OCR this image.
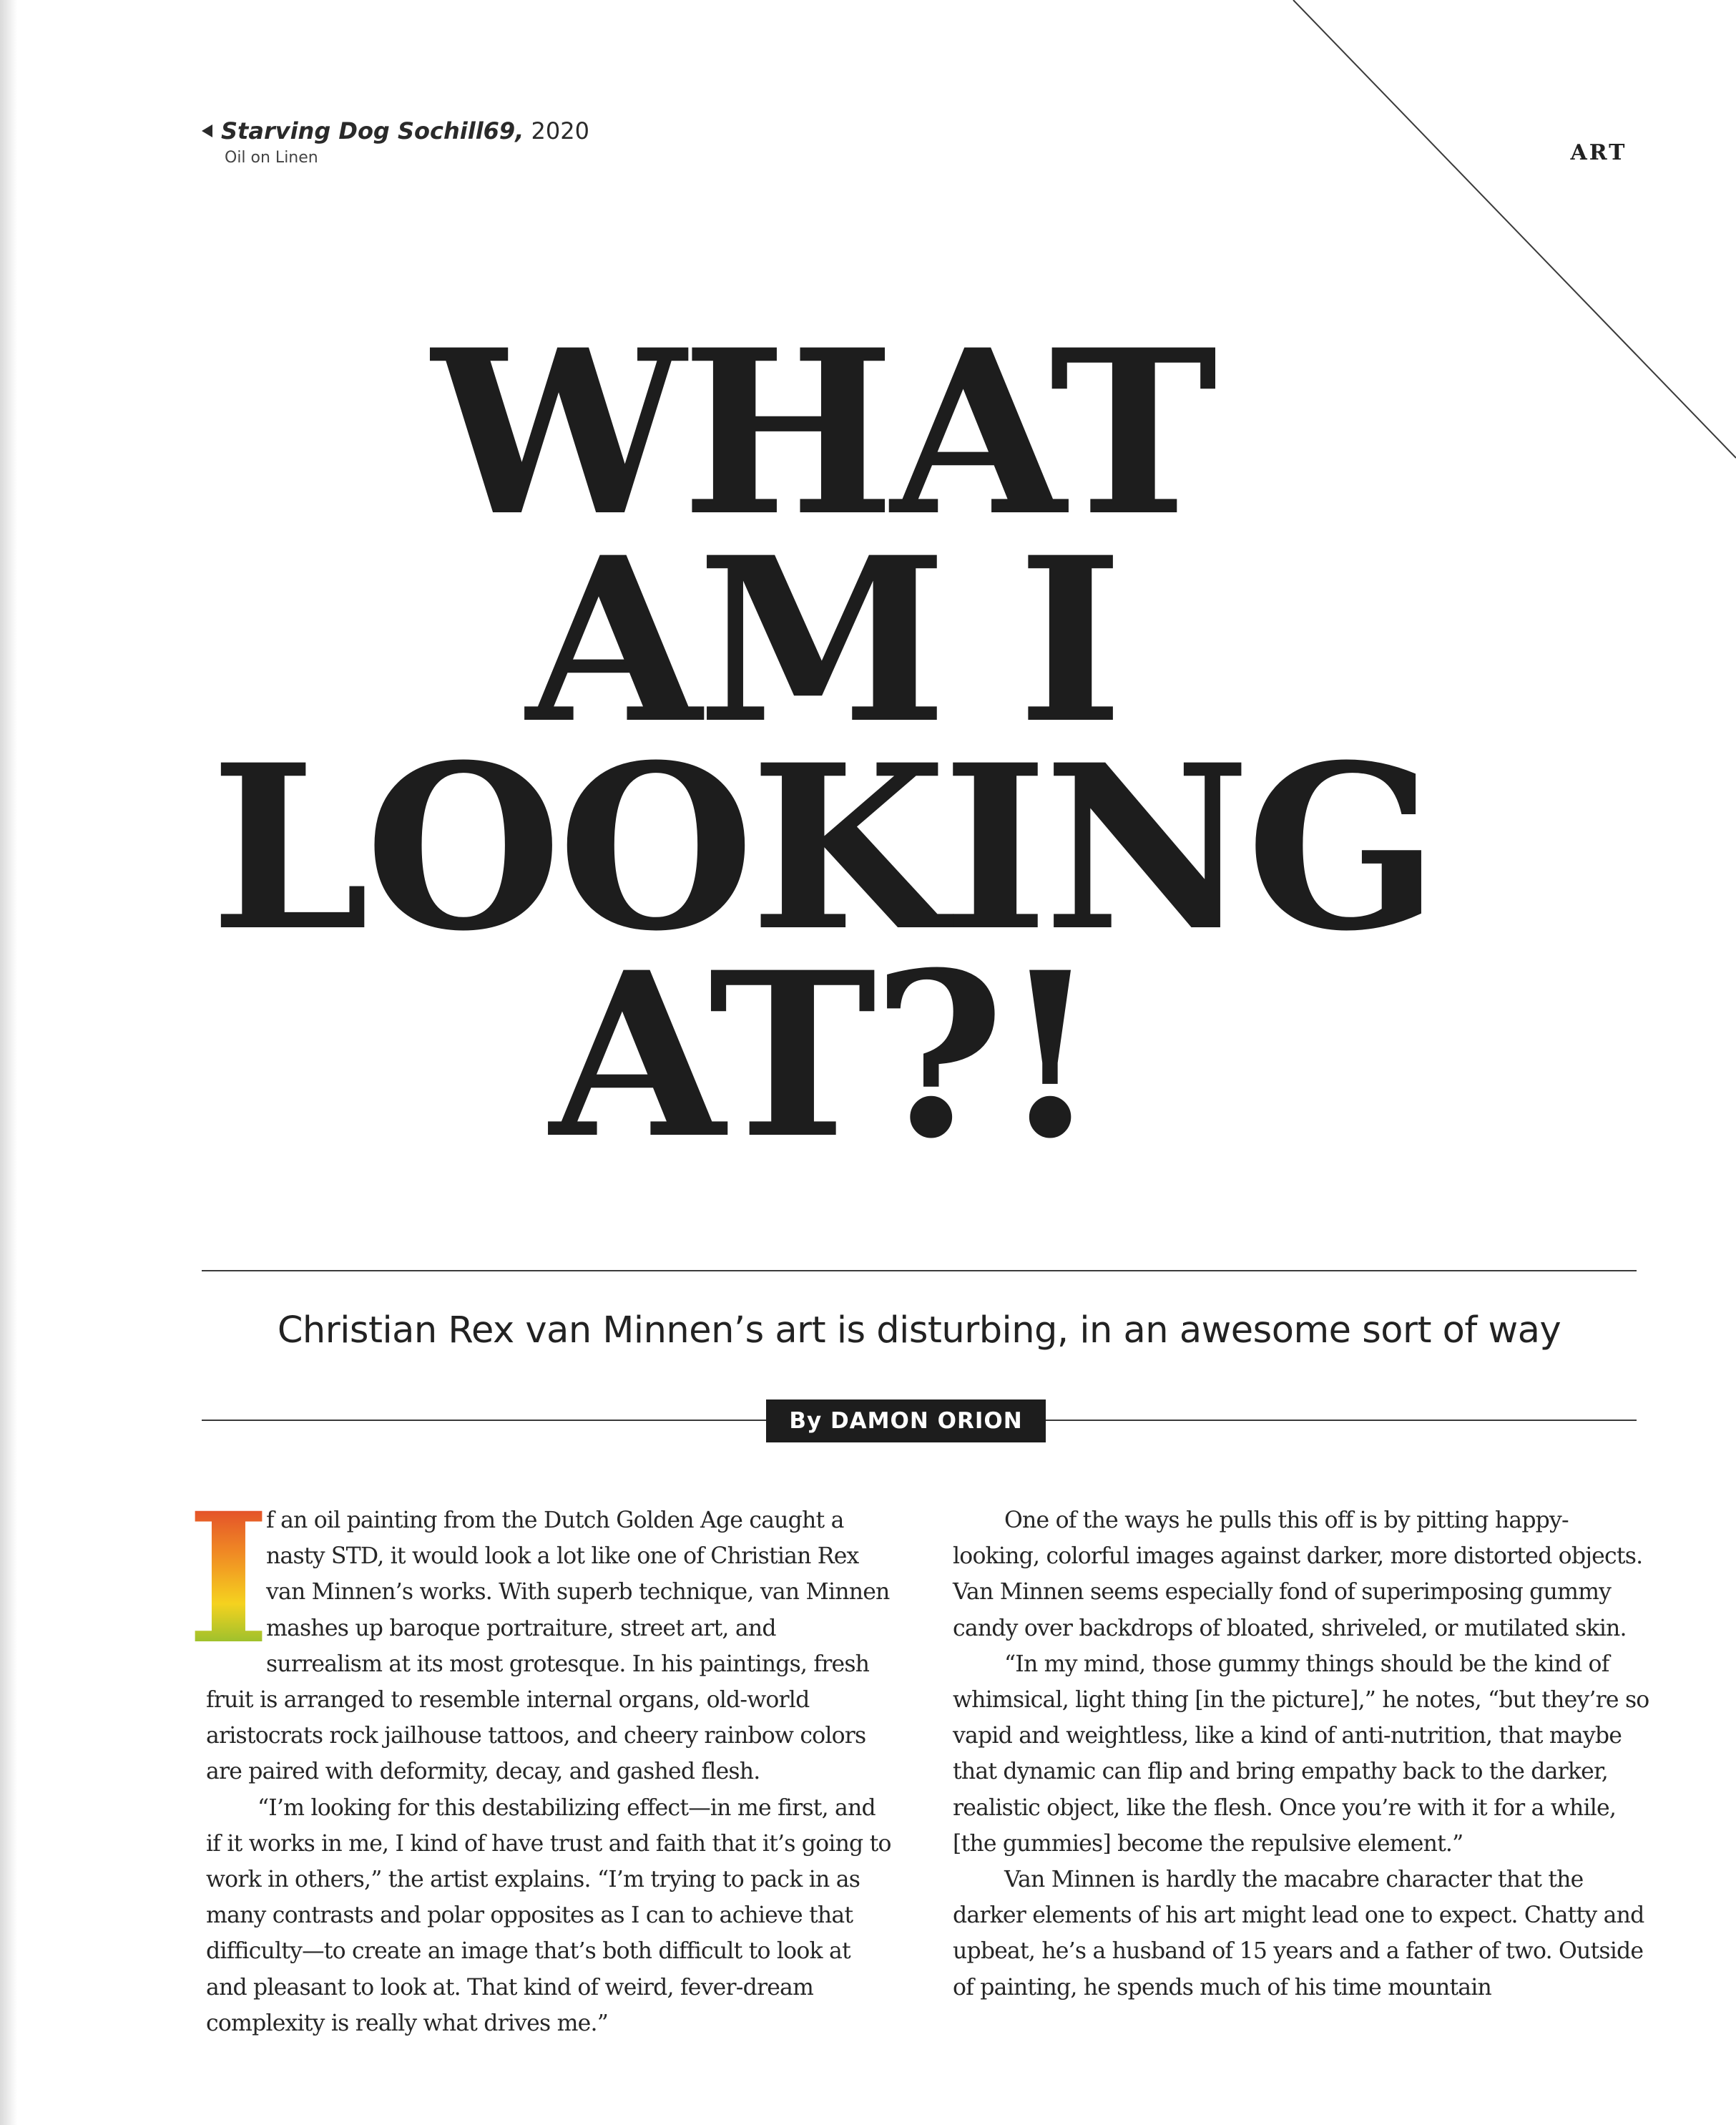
Starving Dog Sochill69, 2020
Oil on Linen	ART
WHAT
AM I
LOOKING
AT?!
Christian Rex van Minnen’s art is disturbing, in an awesome sort of way
By DAMON ORION

I
f an oil painting from the Dutch Golden Age caught a nasty STD, it would look a lot like one of Christian Rex van Minnen’s works. With superb technique, van Minnen mashes up baroque portraiture, street art, and surrealism at its most grotesque. In his paintings, fresh fruit is arranged to resemble internal organs, old-world aristocrats rock jailhouse tattoos, and cheery rainbow colors are paired with deformity, decay, and gashed flesh.

“I’m looking for this destabilizing effect—in me first, and if it works in me, I kind of have trust and faith that it’s going to work in others,” the artist explains. “I’m trying to pack in as many contrasts and polar opposites as I can to achieve that difficulty—to create an image that’s both difficult to look at and pleasant to look at. That kind of weird, fever-dream complexity is really what drives me.”

One of the ways he pulls this off is by pitting happy-looking, colorful images against darker, more distorted objects. Van Minnen seems especially fond of superimposing gummy candy over backdrops of bloated, shriveled, or mutilated skin.

“In my mind, those gummy things should be the kind of whimsical, light thing [in the picture],” he notes, “but they’re so vapid and weightless, like a kind of anti-nutrition, that maybe that dynamic can flip and bring empathy back to the darker, realistic object, like the flesh. Once you’re with it for a while, [the gummies] become the repulsive element.”

Van Minnen is hardly the macabre character that the darker elements of his art might lead one to expect. Chatty and upbeat, he’s a husband of 15 years and a father of two. Outside of painting, he spends much of his time mountain
